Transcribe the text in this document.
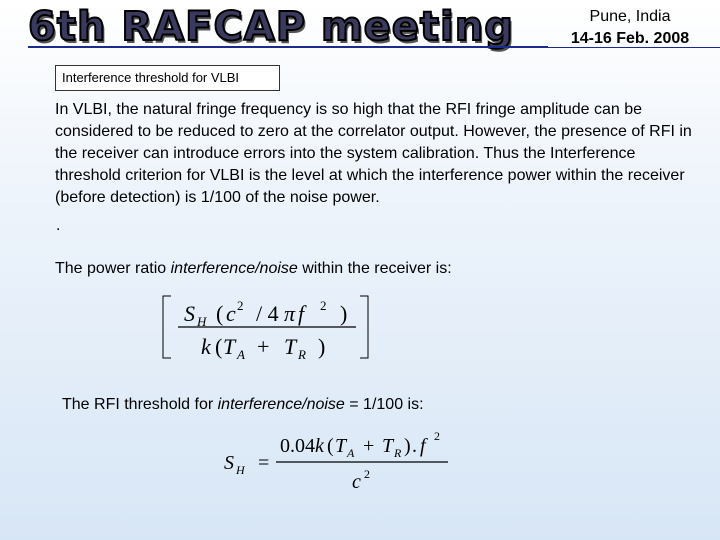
6th RAFCAP meeting	Pune, India
14-16 Feb. 2008
Interference threshold for VLBI

In VLBI, the natural fringe frequency is so high that the RFI fringe amplitude can be considered to be reduced to zero at the correlator output. However, the presence of RFI in the receiver can introduce errors into the system calibration. Thus the Interference threshold criterion for VLBI is the level at which the interference power within the receiver (before detection) is 1/100 of the noise power.

.
The power ratio interference/noise within the receiver is:
S H ( c 2 / 4 π f 2 )
k ( T A + T R )
The RFI threshold for interference/noise = 1/100 is:
S H =
0.04 k ( T A + T R ) . f 2
c 2
